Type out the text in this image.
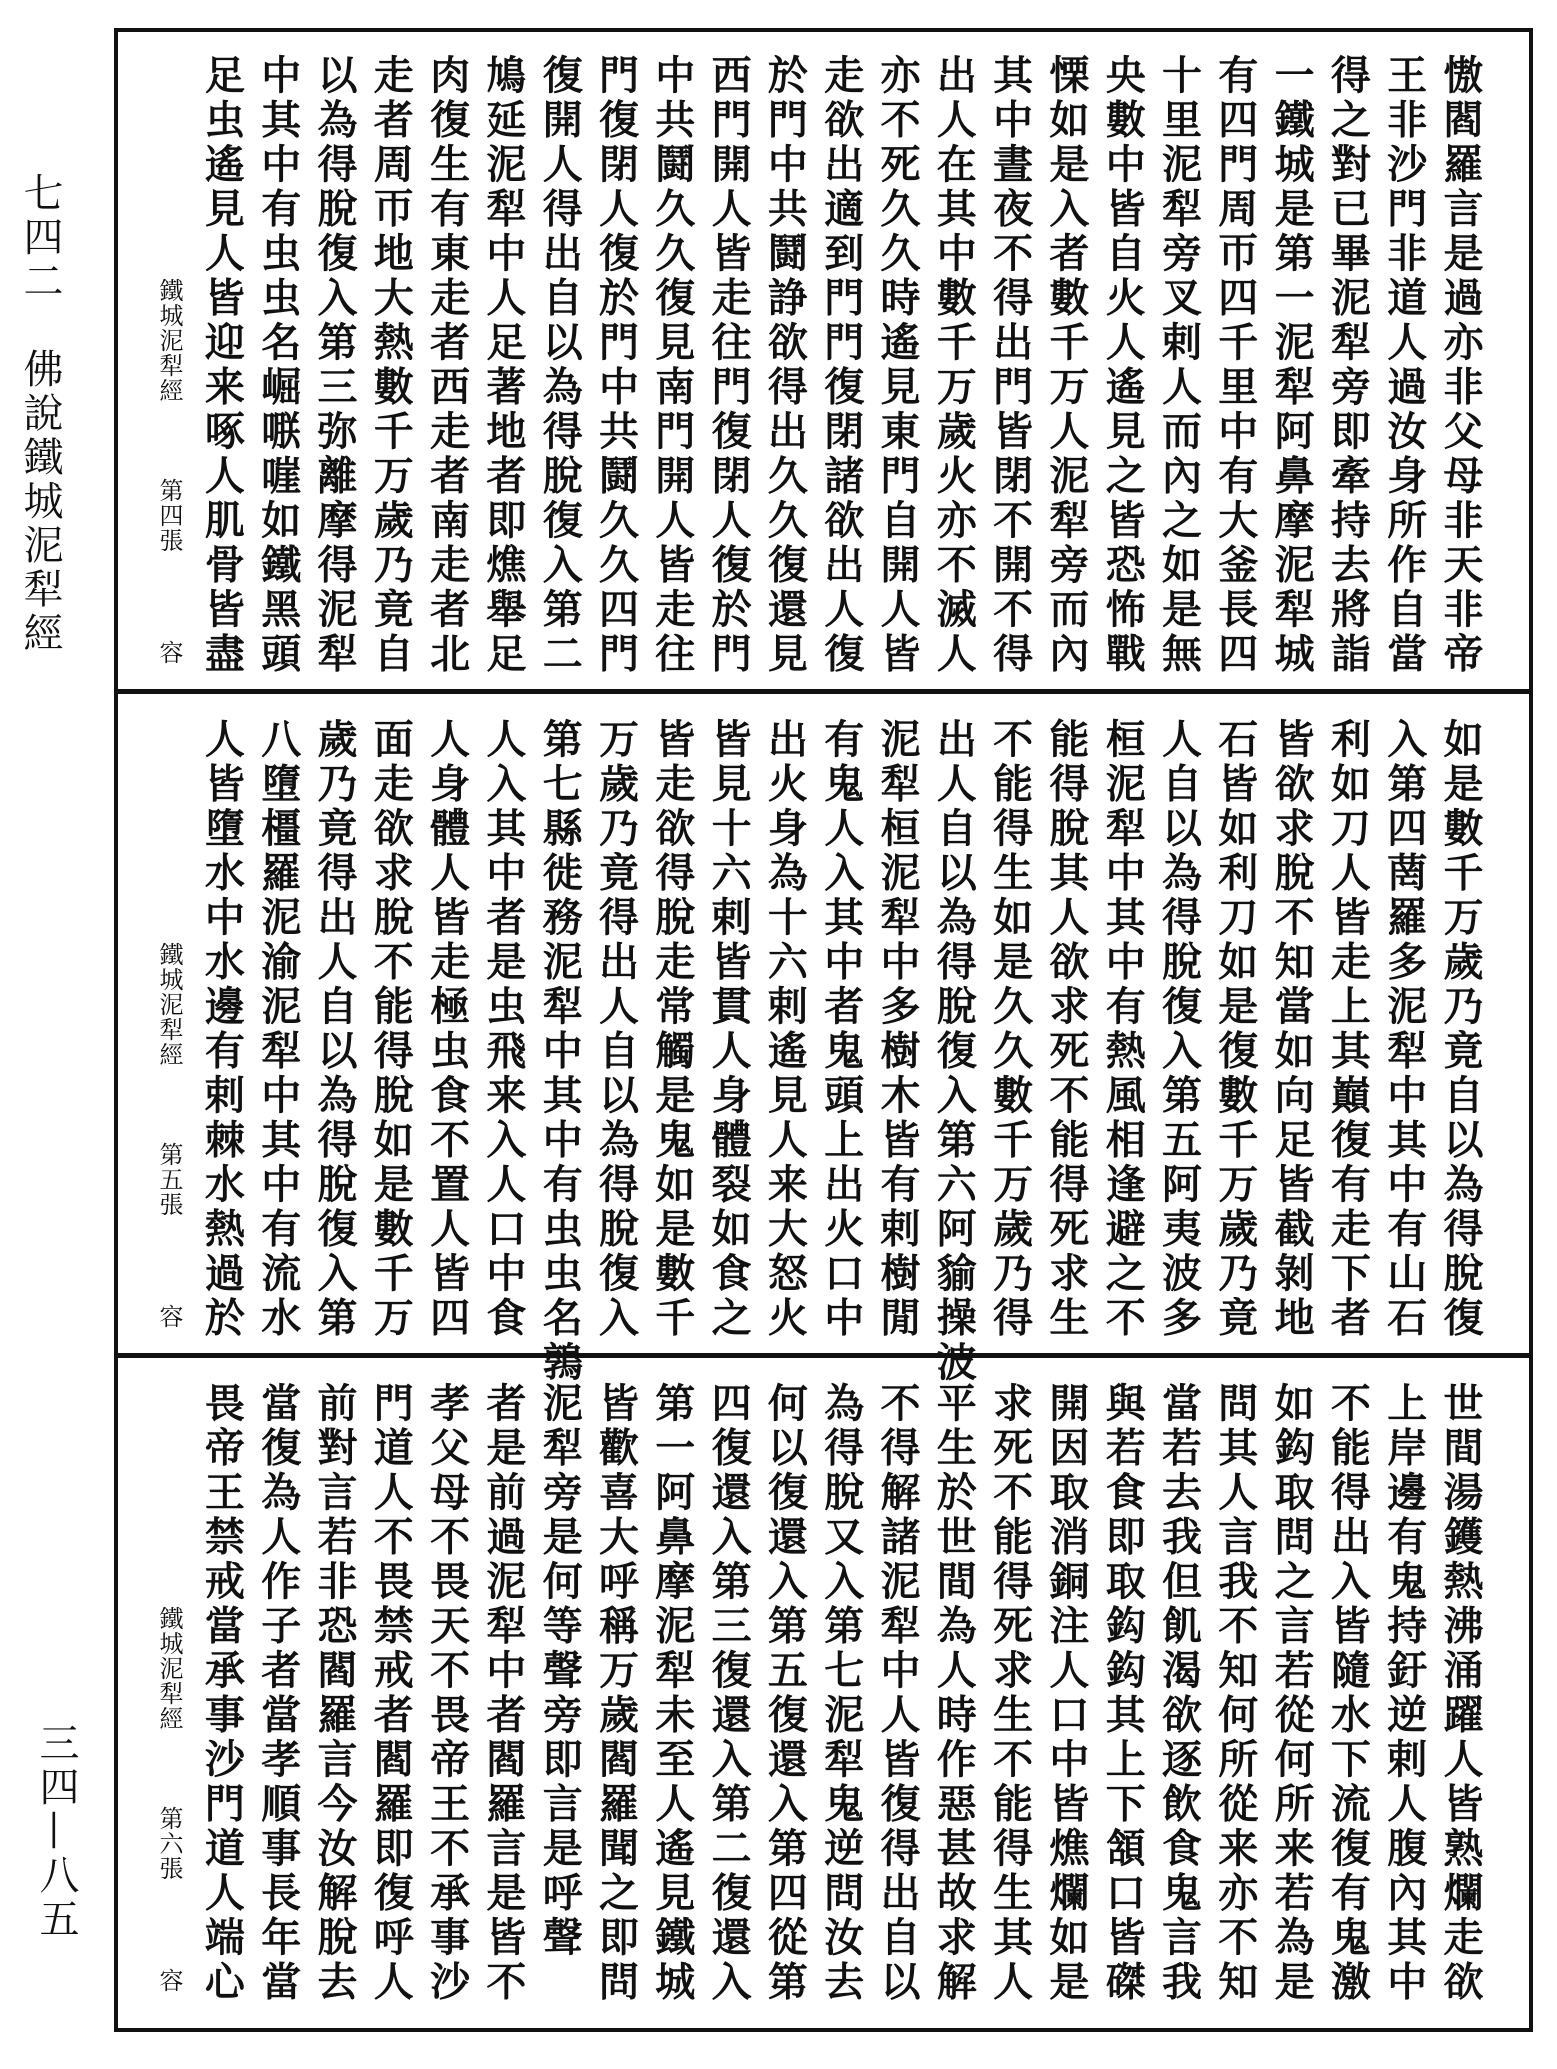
七四二
佛說鐵城泥犁經
三四—八五
慠閻羅言是過亦非父母非天非帝
王非沙門非道人過汝身所作自當
得之對已畢泥犁旁即牽持去將詣
一鐵城是第一泥犁阿鼻摩泥犁城
有四門周帀四千里中有大釜長四
十里泥犁旁叉剌人而內之如是無
央數中皆自火人遙見之皆恐怖戰
慄如是入者數千万人泥犁旁而內
其中晝夜不得出門皆閉不開不得
出人在其中數千万歲火亦不滅人
亦不死久久時遙見東門自開人皆
走欲出適到門門復閉諸欲出人復
於門中共鬪諍欲得出久久復還見
西門開人皆走往門復閉人復於門
中共鬪久久復見南門開人皆走往
門復閉人復於門中共鬪久久四門
復開人得出自以為得脫復入第二
鳩延泥犁中人足著地者即燋舉足
肉復生有東走者西走者南走者北
走者周帀地大熱數千万歲乃竟自
以為得脫復入第三弥離摩得泥犁
中其中有虫虫名崛𠹻嘊如鐵黑頭
足虫遙見人皆迎来啄人肌骨皆盡
鐵城泥犁經
第四張
容
如是數千万歲乃竟自以為得脫復
入第四菵羅多泥犁中其中有山石
利如刀人皆走上其巔復有走下者
皆欲求脫不知當如向足皆截剝地
石皆如利刀如是復數千万歲乃竟
人自以為得脫復入第五阿夷波多
桓泥犁中其中有熱風相逢避之不
能得脫其人欲求死不能得死求生
不能得生如是久久數千万歲乃得
出人自以為得脫復入第六阿貐操波
泥犁桓泥犁中多樹木皆有剌樹閒
有鬼人入其中者鬼頭上出火口中
出火身為十六剌遙見人来大怒火
皆見十六剌皆貫人身體裂如食之
皆走欲得脫走常觸是鬼如是數千
万歲乃竟得出人自以為得脫復入
第七縣徙務泥犁中其中有虫虫名鶉
人入其中者是虫飛来入人口中食
人身體人皆走極虫食不置人皆四
面走欲求脫不能得脫如是數千万
歲乃竟得出人自以為得脫復入第
八墮橿羅泥渝泥犁中其中有流水
人皆墮水中水邊有剌棘水熱過於
鐵城泥犁經
第五張
容
世間湯鑊熱沸涌躍人皆熟爛走欲
上岸邊有鬼持釪逆剌人腹內其中
不能得出入皆隨水下流復有鬼激
如鈎取問之言若從何所来若為是
問其人言我不知何所從来亦不知
當若去我但飢渴欲逐飲食鬼言我
與若食即取鈎鈎其上下頷口皆磔
開因取消銅注人口中皆燋爛如是
求死不能得死求生不能得生其人
平生於世間為人時作惡甚故求解
不得解諸泥犁中人皆復得出自以
為得脫又入第七泥犁鬼逆問汝去
何以復還入第五復還入第四從第
四復還入第三復還入第二復還入
第一阿鼻摩泥犁未至人遙見鐵城
皆歡喜大呼稱万歲閻羅聞之即問
泥犁旁是何等聲旁即言是呼聲
者是前過泥犁中者閻羅言是皆不
孝父母不畏天不畏帝王不承事沙
門道人不畏禁戒者閻羅即復呼人
前對言若非恐閻羅言今汝解脫去
當復為人作子者當孝順事長年當
畏帝王禁戒當承事沙門道人端心
鐵城泥犁經
第六張
容
